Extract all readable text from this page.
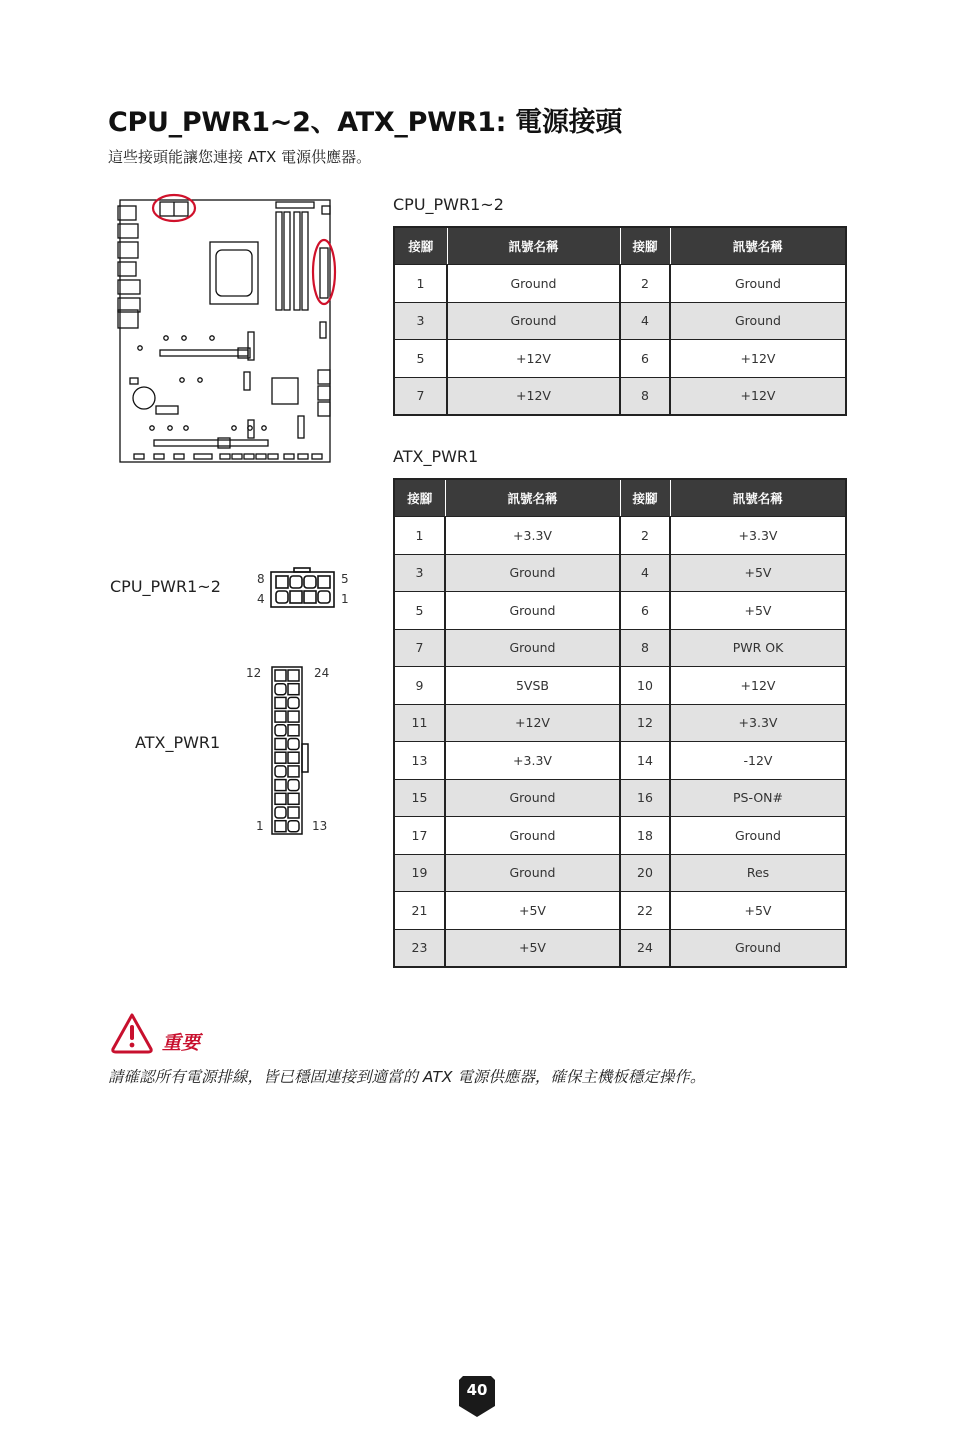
CPU_PWR1~2、ATX_PWR1: 電源接頭
這些接頭能讓您連接 ATX 電源供應器。
CPU_PWR1~2
接腳	訊號名稱	接腳	訊號名稱
1	Ground	2	Ground
3	Ground	4	Ground
5	+12V	6	+12V
7	+12V	8	+12V
ATX_PWR1
接腳	訊號名稱	接腳	訊號名稱
1	+3.3V	2	+3.3V
3	Ground	4	+5V
5	Ground	6	+5V
7	Ground	8	PWR OK
9	5VSB	10	+12V
11	+12V	12	+3.3V
13	+3.3V	14	-12V
15	Ground	16	PS-ON#
17	Ground	18	Ground
19	Ground	20	Res
21	+5V	22	+5V
23	+5V	24	Ground
CPU_PWR1~2	8
4
5
1
ATX_PWR1
12	24
1	13
重要
請確認所有電源排線，皆已穩固連接到適當的 ATX 電源供應器，確保主機板穩定操作。
40
